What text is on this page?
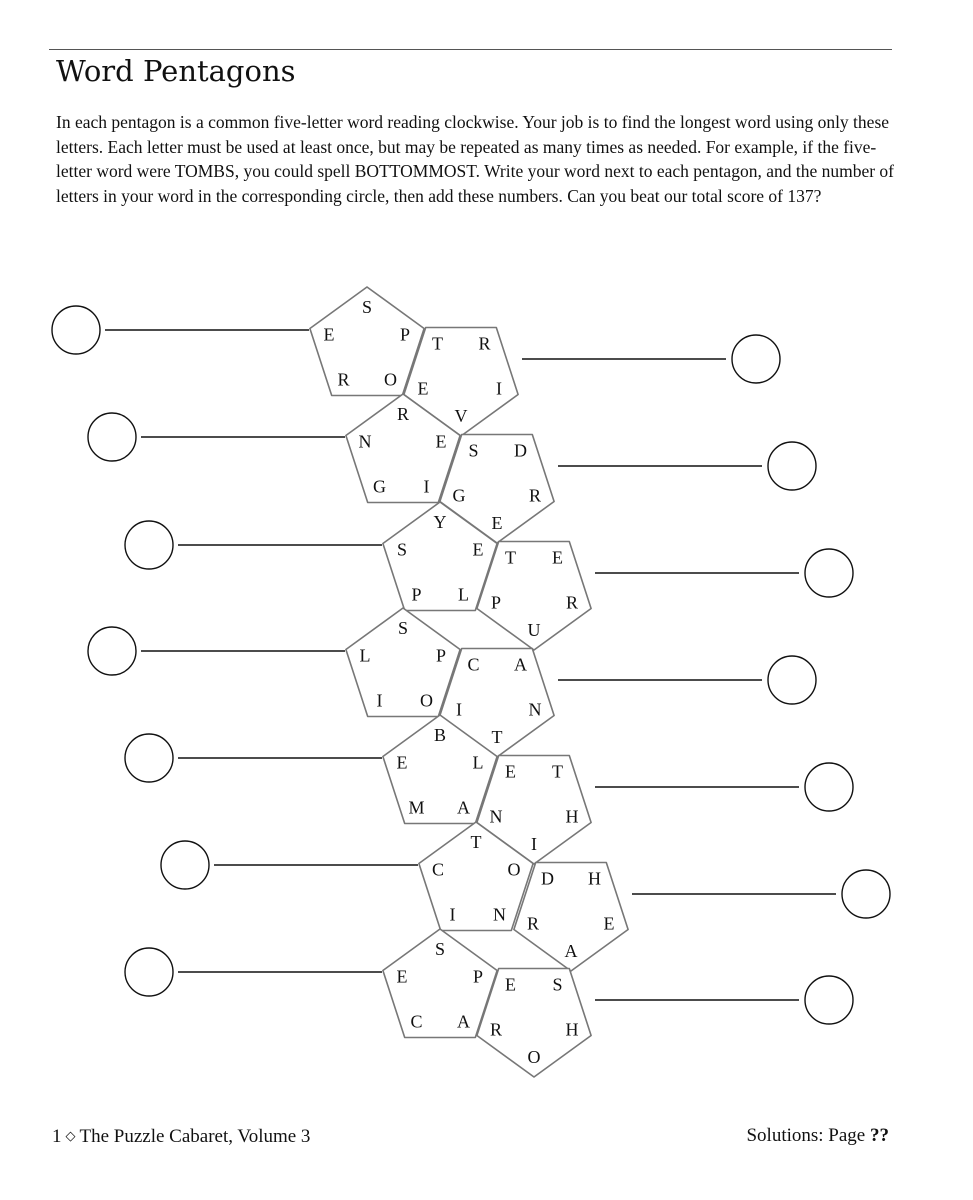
Word Pentagons

In each pentagon is a common five-letter word reading clockwise. Your job is to find the longest word using only these letters. Each letter must be used at least once, but may be repeated as many times as needed. For example, if the five-letter word were TOMBS, you could spell BOTTOMMOST. Write your word next to each pentagon, and the number of letters in your word in the corresponding circle, then add these numbers. Can you beat our total score of 137?

S
P
O
R
E	R
I
V
E
T
R
E
I
G
N	D
R
E
G
S
Y
E
L
P
S	E
R
U
P
T
S
P
O
I
L	A
N
T
I
C
B
L
A
M
E	T
H
I
N
E
T
O
N
I
C	H
E
A
R
D
S
P
A
C
E	S
H
O
R
E
1 ◇ The Puzzle Cabaret, Volume 3	Solutions: Page ??
